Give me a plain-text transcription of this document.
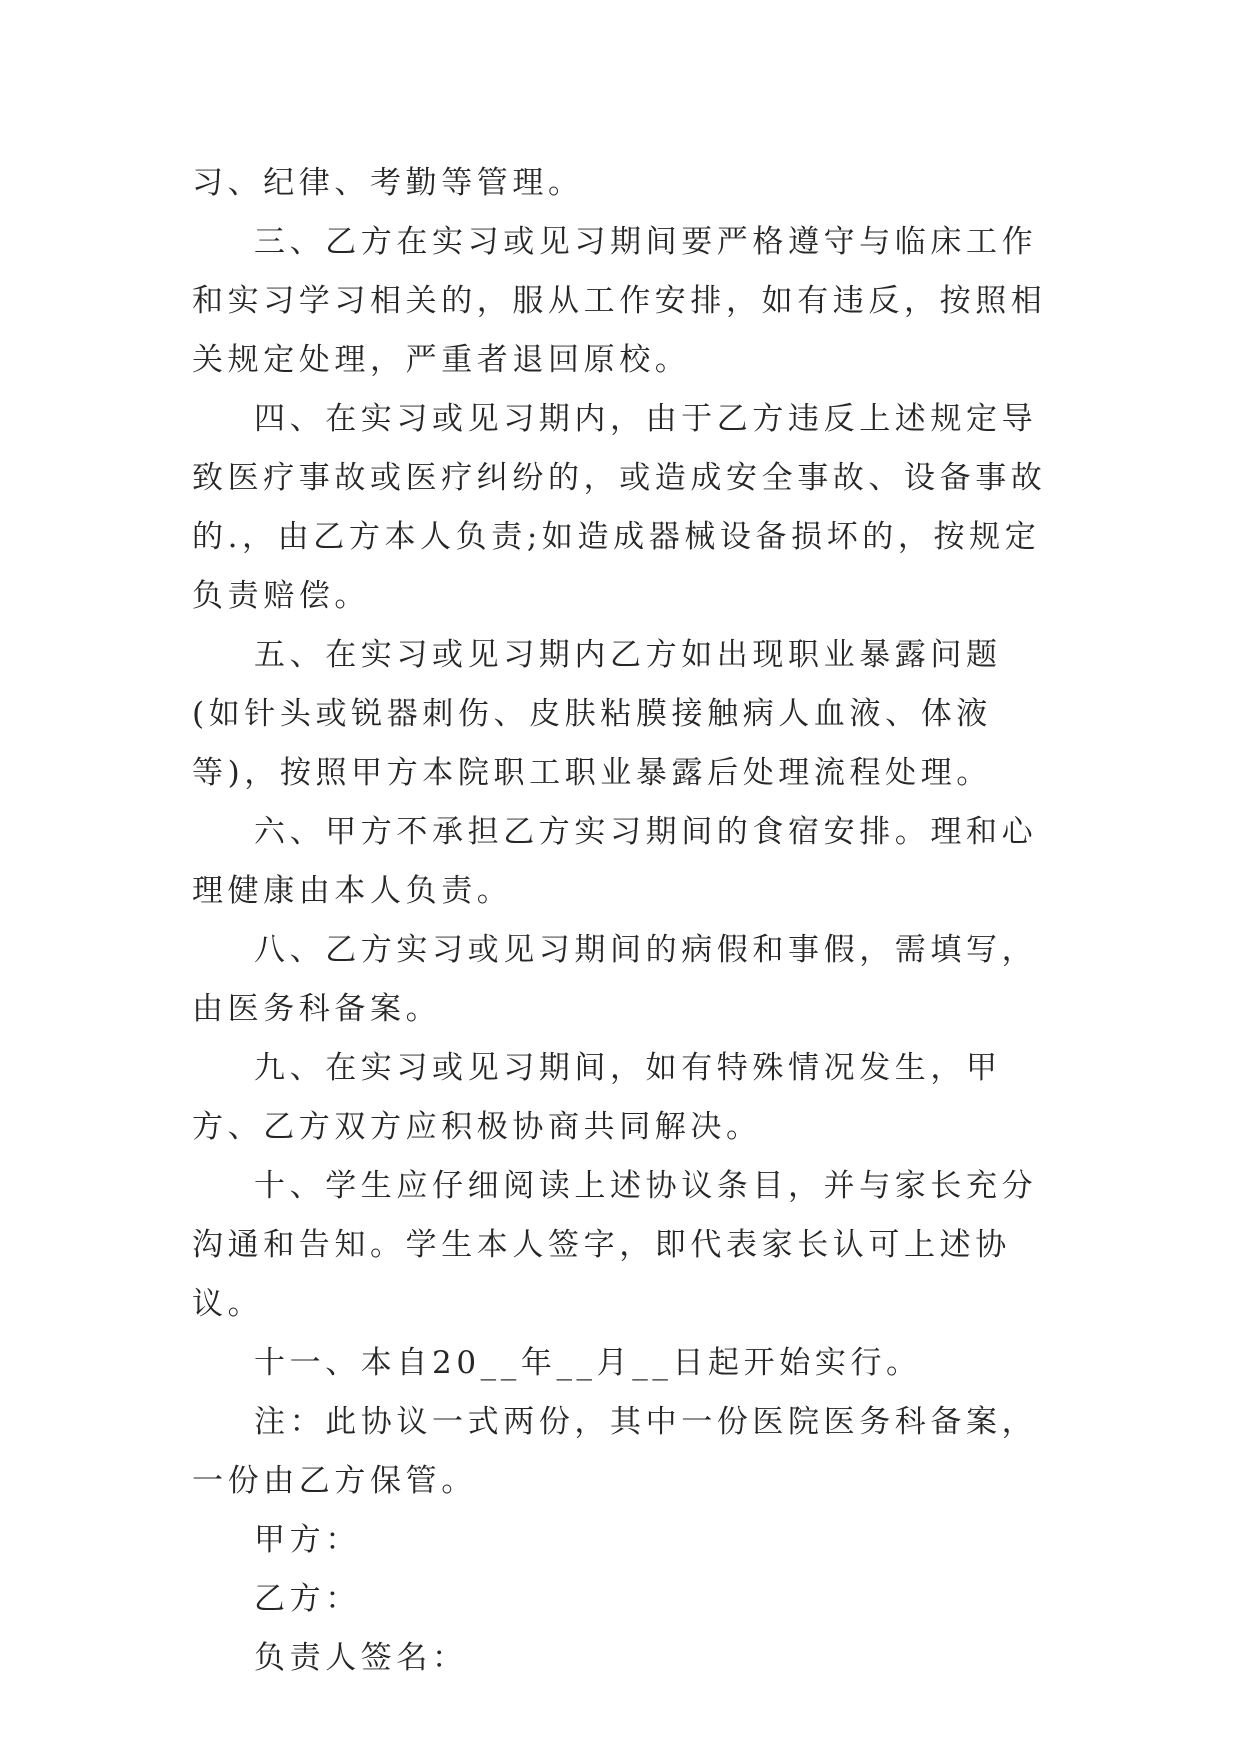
习、纪律、考勤等管理。

三、乙方在实习或见习期间要严格遵守与临床工作和实习学习相关的，服从工作安排，如有违反，按照相关规定处理，严重者退回原校。

四、在实习或见习期内，由于乙方违反上述规定导致医疗事故或医疗纠纷的，或造成安全事故、设备事故的.，由乙方本人负责;如造成器械设备损坏的，按规定负责赔偿。

五、在实习或见习期内乙方如出现职业暴露问题(如针头或锐器刺伤、皮肤粘膜接触病人血液、体液等)，按照甲方本院职工职业暴露后处理流程处理。

六、甲方不承担乙方实习期间的食宿安排。理和心理健康由本人负责。

八、乙方实习或见习期间的病假和事假，需填写，由医务科备案。

九、在实习或见习期间，如有特殊情况发生，甲方、乙方双方应积极协商共同解决。

十、学生应仔细阅读上述协议条目，并与家长充分沟通和告知。学生本人签字，即代表家长认可上述协议。

十一、本自20__年__月__日起开始实行。

注：此协议一式两份，其中一份医院医务科备案，一份由乙方保管。

甲方：

乙方：

负责人签名：
